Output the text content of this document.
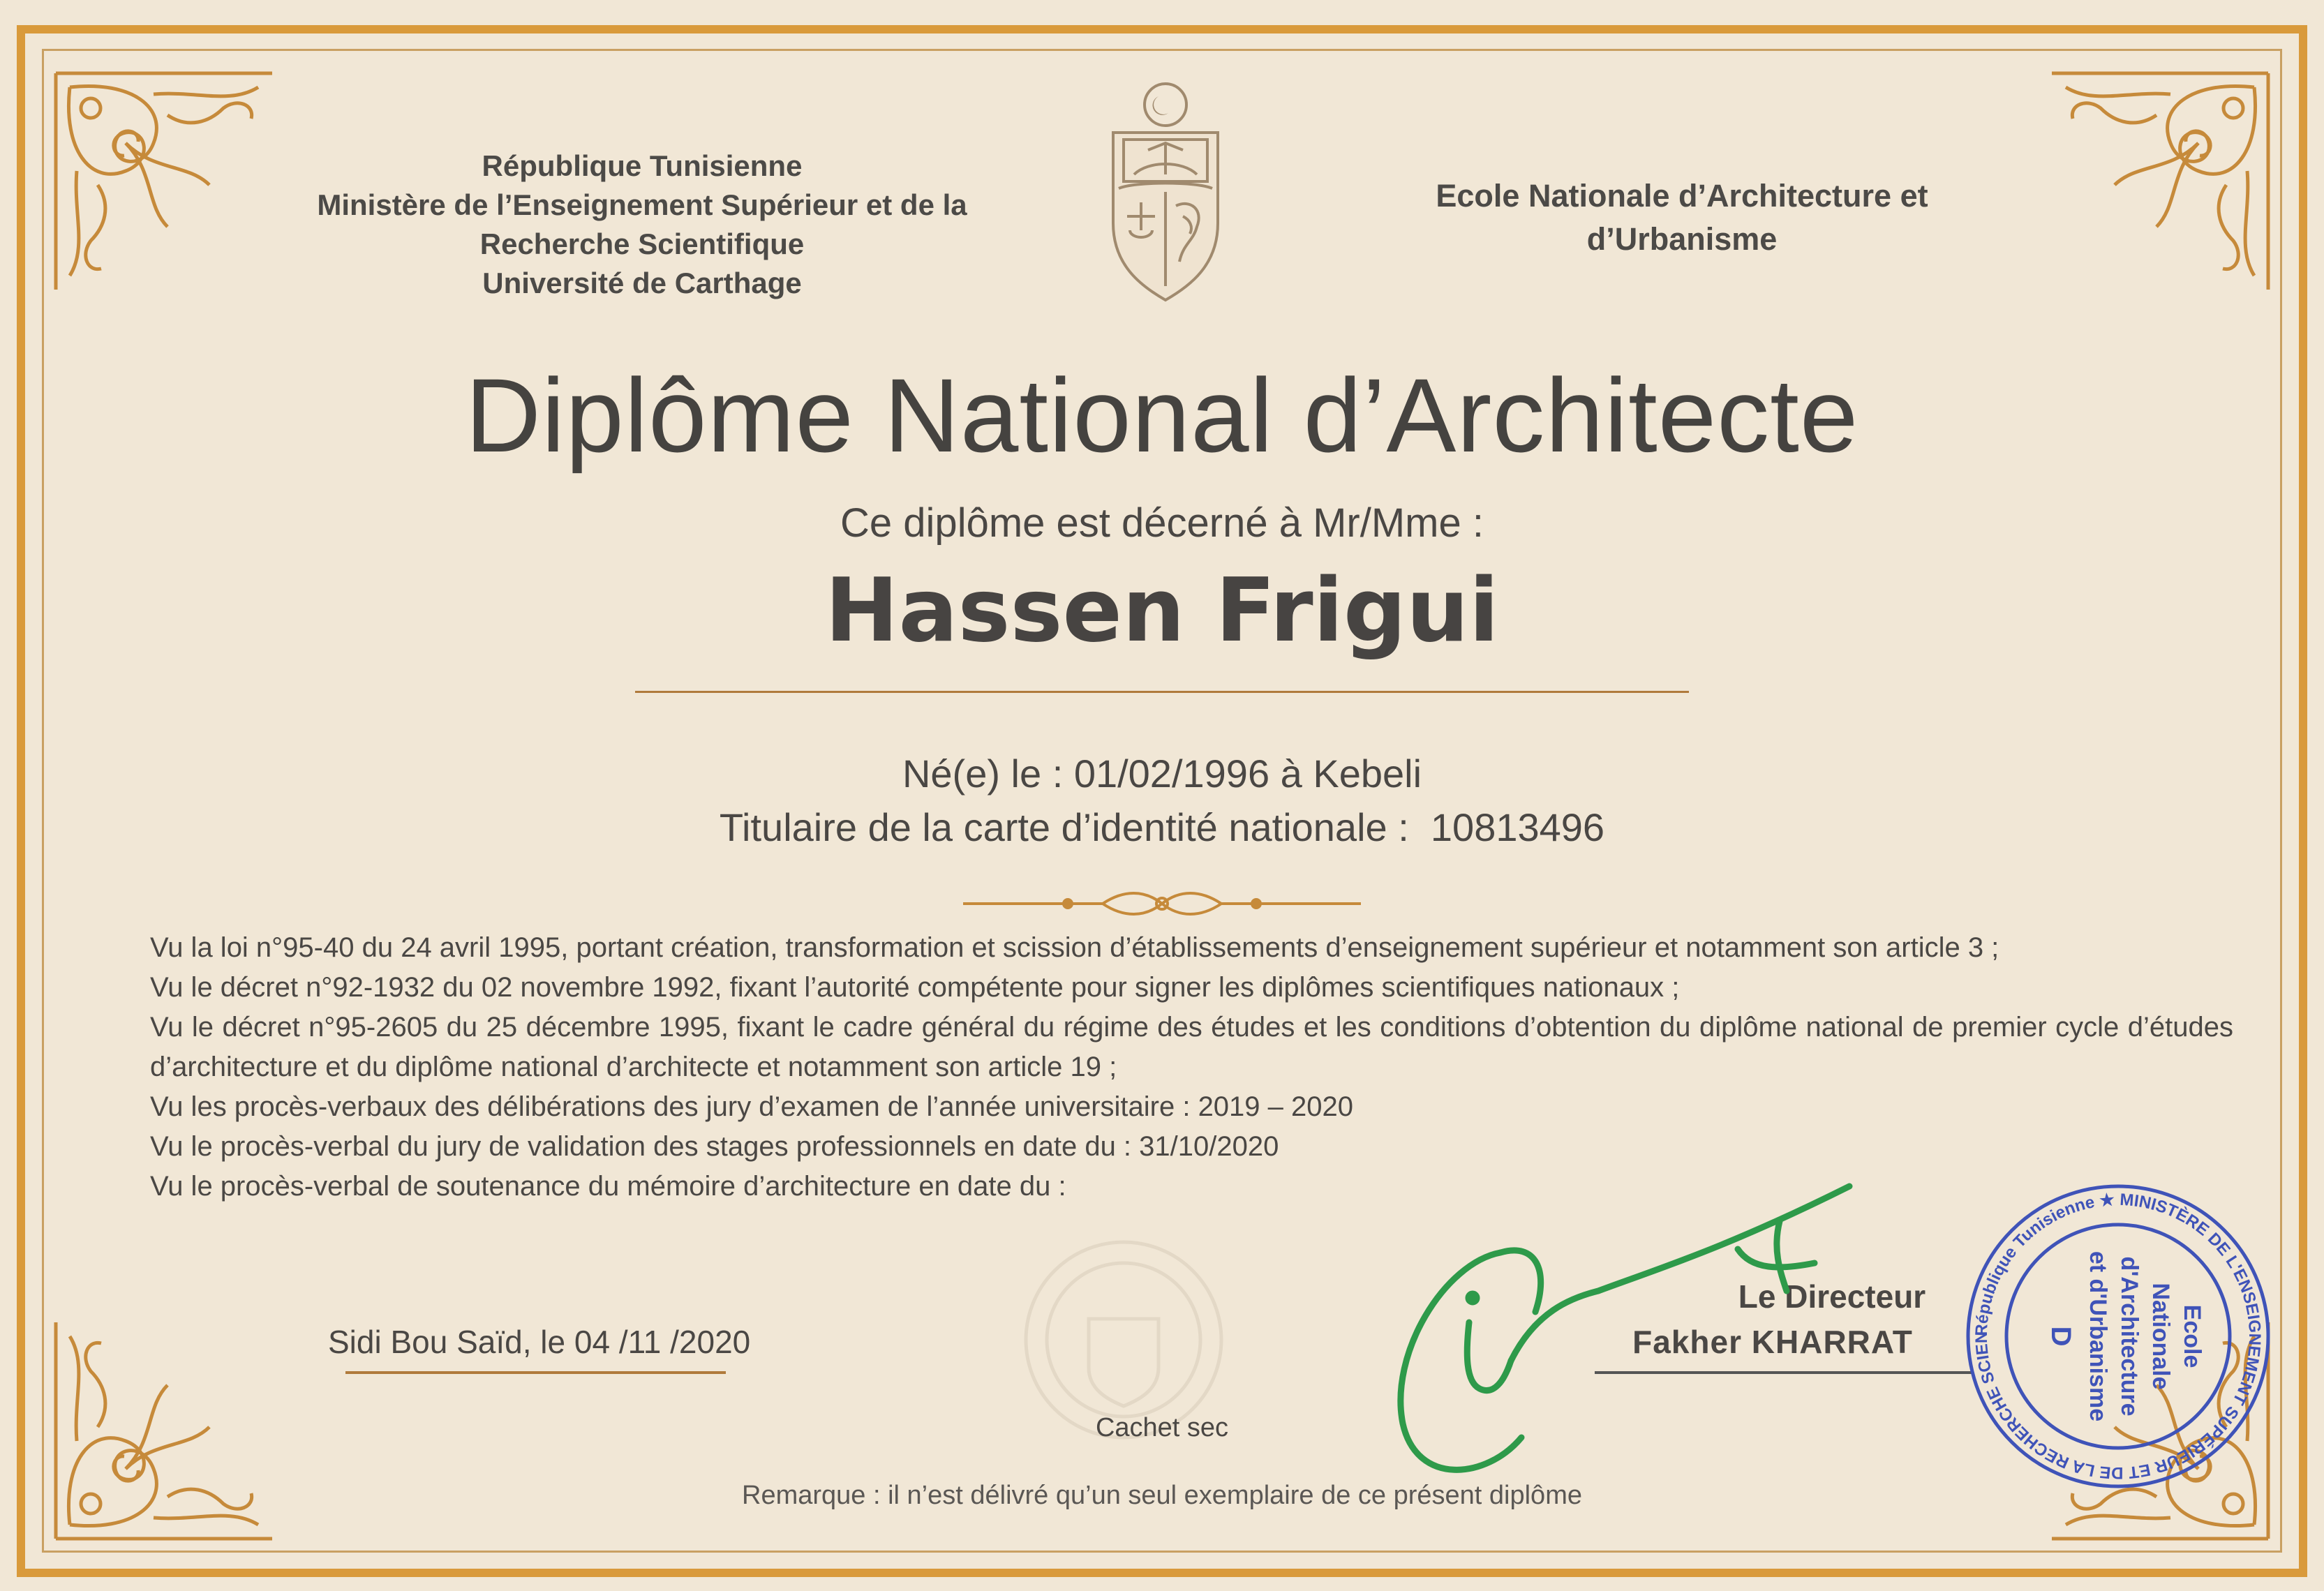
République Tunisienne
Ministère de l’Enseignement Supérieur et de la
Recherche Scientifique
Université de Carthage
Ecole Nationale d’Architecture et
d’Urbanisme
Diplôme National d’Architecte
Ce diplôme est décerné à Mr/Mme :
Hassen Frigui
Né(e) le : 01/02/1996 à Kebeli
Titulaire de la carte d’identité nationale : 10813496

Vu la loi n°95-40 du 24 avril 1995, portant création, transformation et scission d’établissements d’enseignement supérieur et notamment son article 3 ;

Vu le décret n°92-1932 du 02 novembre 1992, fixant l’autorité compétente pour signer les diplômes scientifiques nationaux ;

Vu le décret n°95-2605 du 25 décembre 1995, fixant le cadre général du régime des études et les conditions d’obtention du diplôme national de premier cycle d’études d’architecture et du diplôme national d’architecte et notamment son article 19 ;

Vu les procès-verbaux des délibérations des jury d’examen de l’année universitaire : 2019 – 2020

Vu le procès-verbal du jury de validation des stages professionnels en date du : 31/10/2020

Vu le procès-verbal de soutenance du mémoire d’architecture en date du :

Sidi Bou Saïd, le 04 /11 /2020
Cachet sec
Le Directeur
Fakher KHARRAT	République Tunisienne ★ MINISTÈRE DE L'ENSEIGNEMENT SUPÉRIEUR ET DE LA RECHERCHE SCIEN	Ecole
Nationale
d'Architecture
et d'Urbanisme
D
Remarque : il n’est délivré qu’un seul exemplaire de ce présent diplôme
